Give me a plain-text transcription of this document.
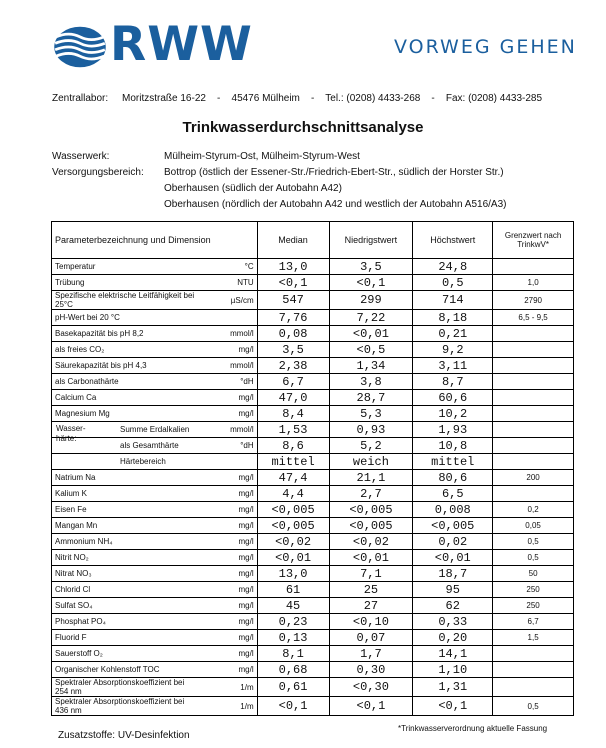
RWW	VORWEG GEHEN
Zentrallabor:     Moritzstraße 16-22    -    45476 Mülheim    -    Tel.: (0208) 4433-268    -    Fax: (0208) 4433-285
Trinkwasserdurchschnittsanalyse
Wasserwerk:	Mülheim-Styrum-Ost, Mülheim-Styrum-West
Versorgungsbereich: Bottrop (östlich der Essener-Str./Friedrich-Ebert-Str., südlich der Horster Str.)
Oberhausen (südlich der Autobahn A42)
Oberhausen (nördlich der Autobahn A42 und westlich der Autobahn A516/A3)
Parameterbezeichnung und Dimension		Median	Niedrigstwert	Höchstwert	Grenzwert nach TrinkwV*
Temperatur	°C	13,0	3,5	24,8	
Trübung	NTU	<0,1	<0,1	0,5	1,0
Spezifische elektrische Leitfähigkeit bei 25°C	µS/cm	547	299	714	2790
pH-Wert bei 20 °C		7,76	7,22	8,18	6,5 - 9,5
Basekapazität bis pH 8,2	mmol/l	0,08	<0,01	0,21	
als freies CO₂	mg/l	3,5	<0,5	9,2	
Säurekapazität bis pH 4,3	mmol/l	2,38	1,34	3,11	
als Carbonathärte	°dH	6,7	3,8	8,7	
Calcium Ca	mg/l	47,0	28,7	60,6	
Magnesium Mg	mg/l	8,4	5,3	10,2	

Wasser-härte:
Summe Erdalkalien	mmol/l	1,53	0,93	1,93	
als Gesamthärte	°dH	8,6	5,2	10,8	
Härtebereich		mittel	weich	mittel	
Natrium Na	mg/l	47,4	21,1	80,6	200
Kalium K	mg/l	4,4	2,7	6,5	
Eisen Fe	mg/l	<0,005	<0,005	0,008	0,2
Mangan Mn	mg/l	<0,005	<0,005	<0,005	0,05
Ammonium NH₄	mg/l	<0,02	<0,02	0,02	0,5
Nitrit NO₂	mg/l	<0,01	<0,01	<0,01	0,5
Nitrat NO₃	mg/l	13,0	7,1	18,7	50
Chlorid Cl	mg/l	61	25	95	250
Sulfat SO₄	mg/l	45	27	62	250
Phosphat PO₄	mg/l	0,23	<0,10	0,33	6,7
Fluorid F	mg/l	0,13	0,07	0,20	1,5
Sauerstoff O₂	mg/l	8,1	1,7	14,1	
Organischer Kohlenstoff TOC	mg/l	0,68	0,30	1,10	
Spektraler Absorptionskoeffizient bei 254 nm	1/m	0,61	<0,30	1,31	
Spektraler Absorptionskoeffizient bei 436 nm	1/m	<0,1	<0,1	<0,1	0,5
Zusatzstoffe: UV-Desinfektion
*Trinkwasserverordnung aktuelle Fassung
